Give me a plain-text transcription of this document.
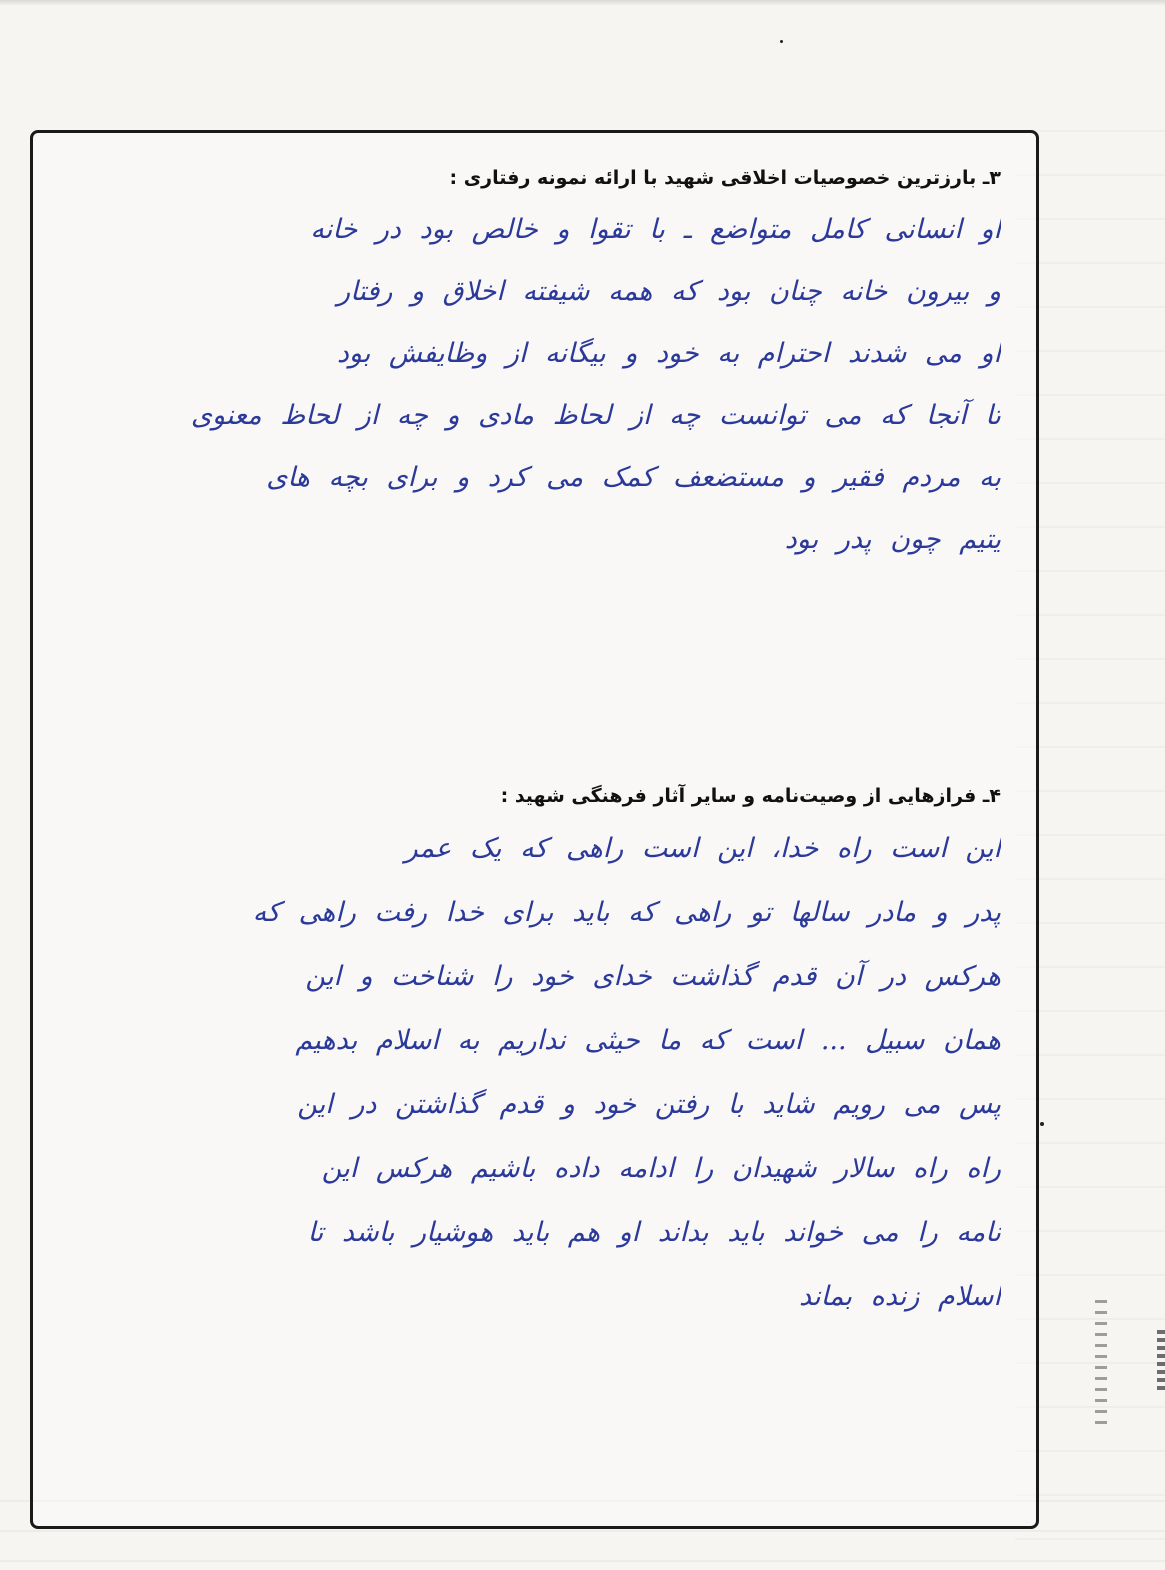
۳ـ بارزترین خصوصیات اخلاقی شهید با ارائه نمونه رفتاری :
او انسانی کامل متواضع ـ با تقوا و خالص بود در خانه
و بیرون خانه چنان بود که همه شیفته اخلاق و رفتار
او می شدند احترام به خود و بیگانه از وظایفش بود
تا آنجا که می توانست چه از لحاظ مادی و چه از لحاظ معنوی
به مردم فقیر و مستضعف کمک می کرد و برای بچه های
یتیم چون پدر بود
۴ـ فرازهایی از وصیت‌نامه و سایر آثار فرهنگی شهید :
این است راه خدا، این است راهی که یک عمر
پدر و مادر سالها تو راهی که باید برای خدا رفت راهی که
هرکس در آن قدم گذاشت خدای خود را شناخت و این
همان سبیل ... است که ما حیثی نداریم به اسلام بدهیم
پس می رویم شاید با رفتن خود و قدم گذاشتن در این
راه راه سالار شهیدان را ادامه داده باشیم هرکس این
نامه را می خواند باید بداند او هم باید هوشیار باشد تا
اسلام زنده بماند
